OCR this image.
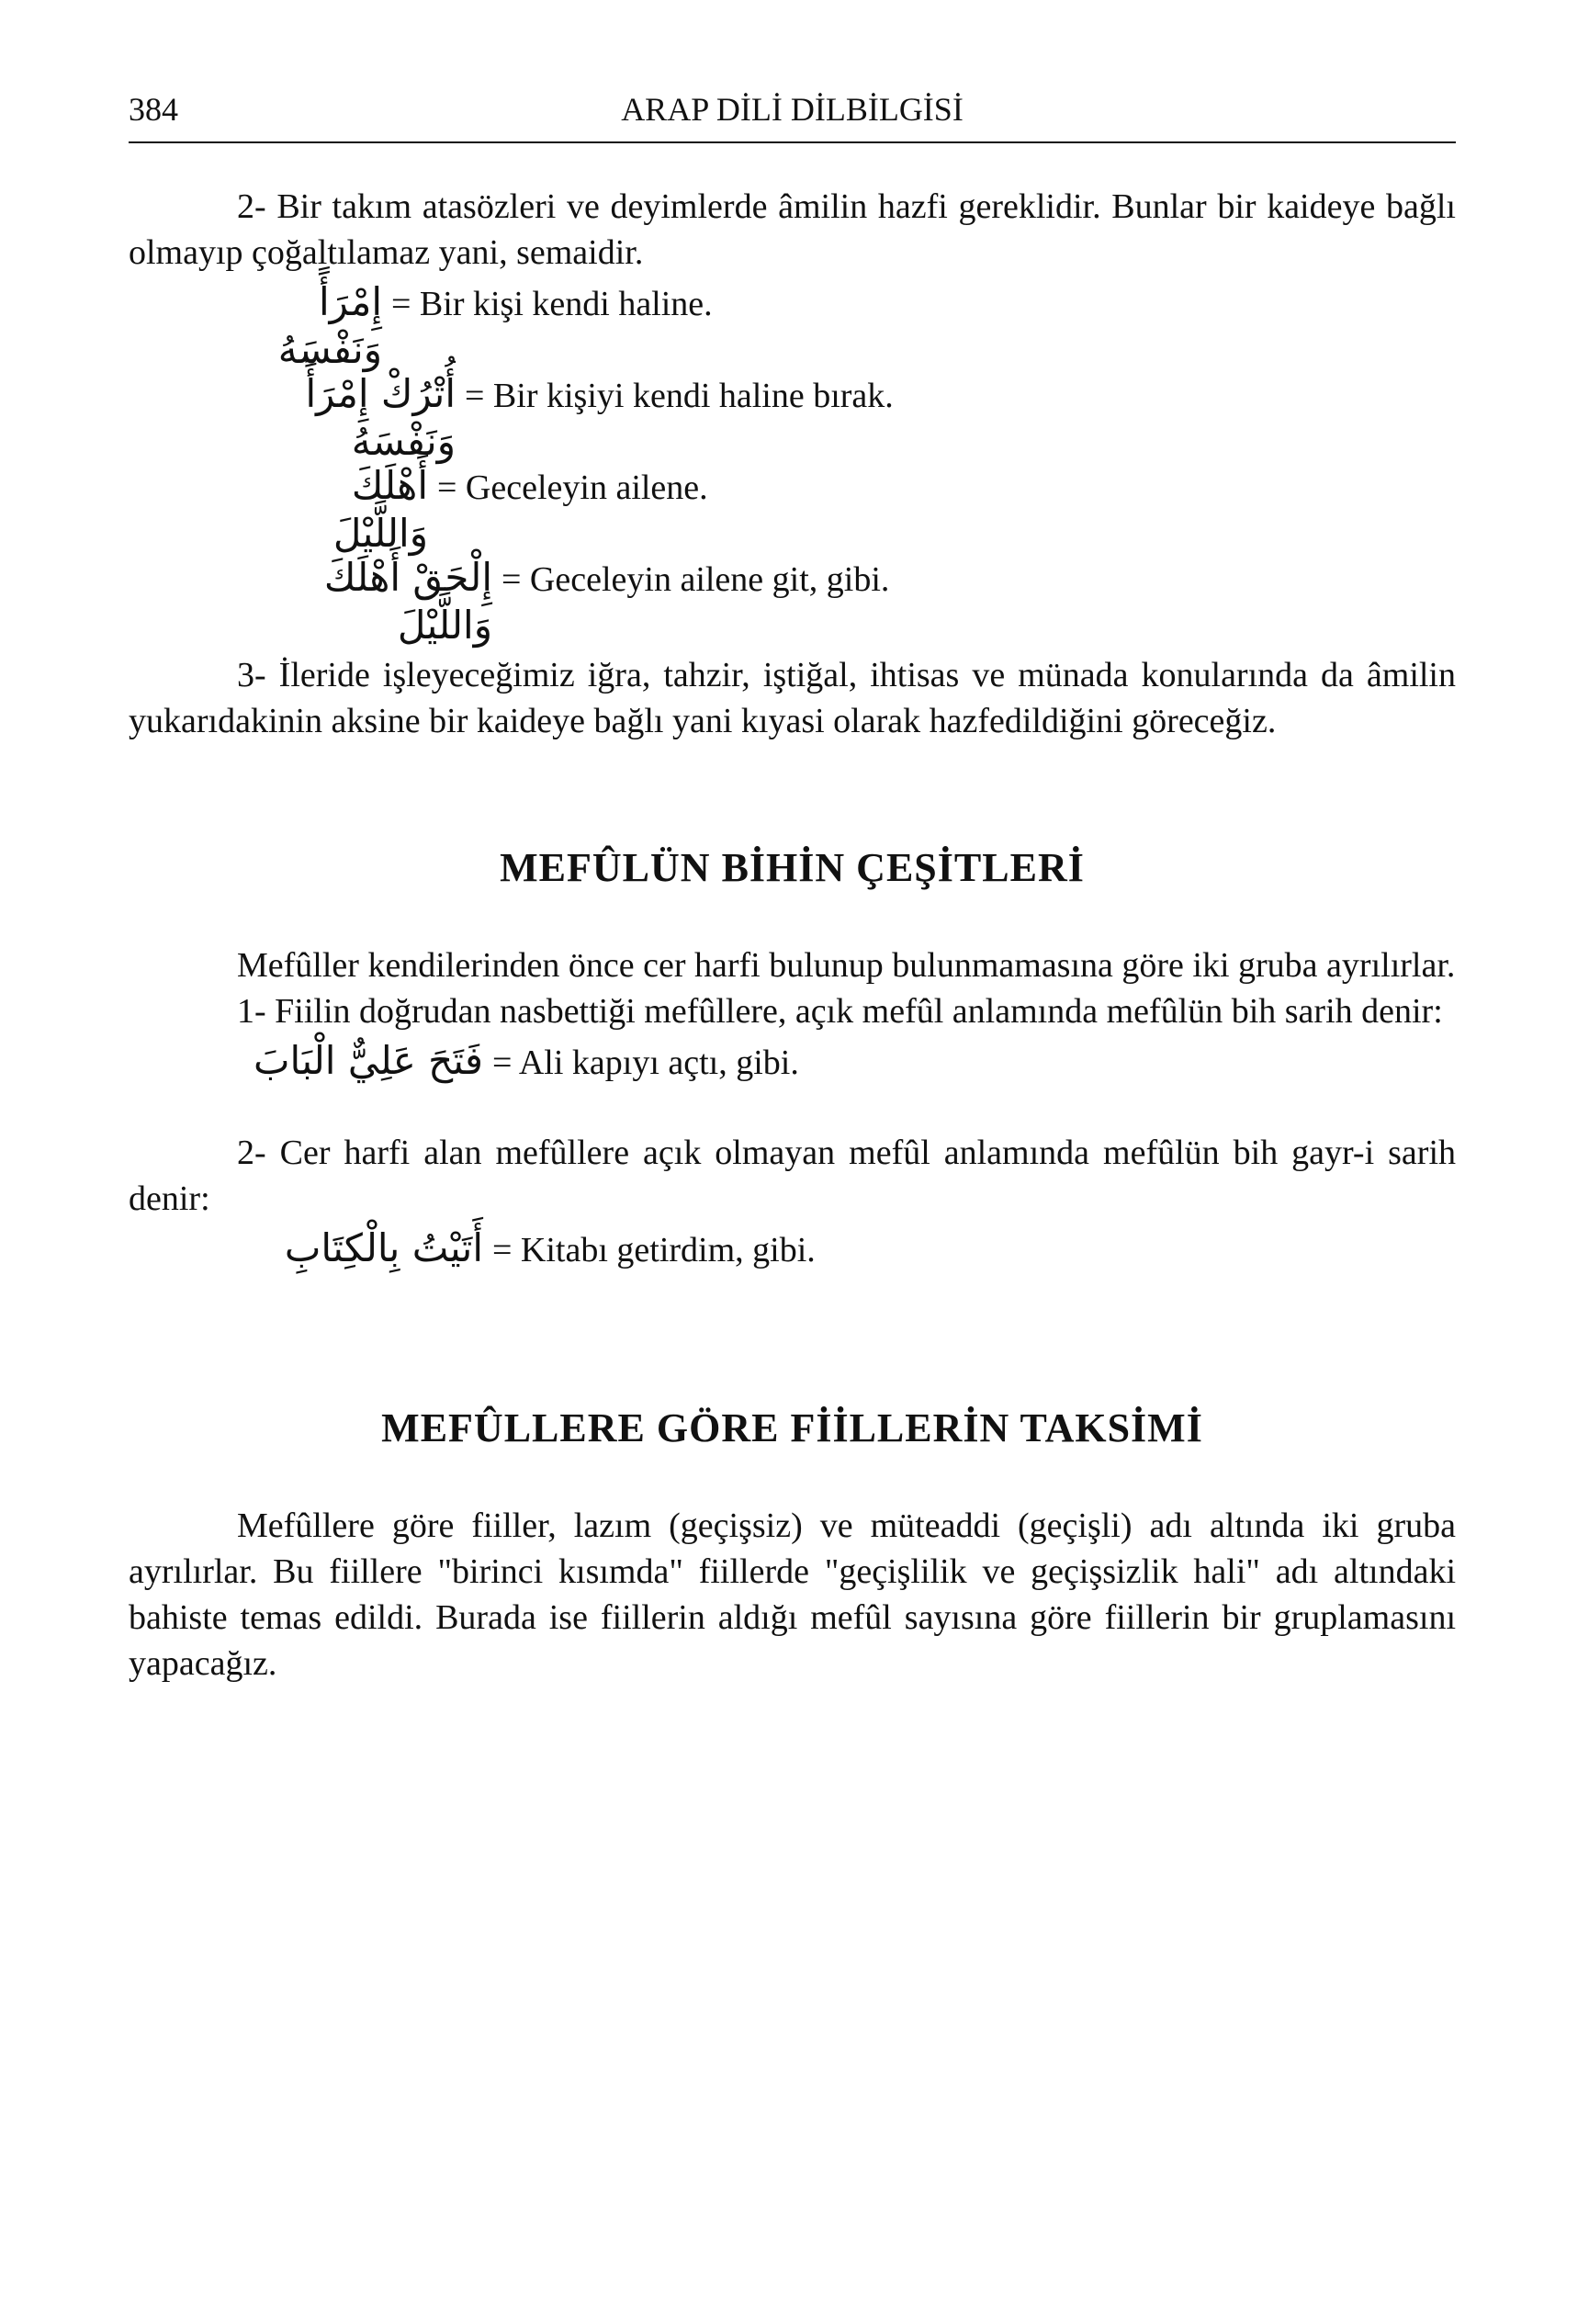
384	ARAP DİLİ DİLBİLGİSİ

2- Bir takım atasözleri ve deyimlerde âmilin hazfi gereklidir. Bunlar bir kaideye bağlı olmayıp çoğaltılamaz yani, semaidir.

إِمْرَأً وَنَفْسَهُ
= Bir kişi kendi haline.
أُتْرُكْ إِمْرَأً وَنَفْسَهُ
= Bir kişiyi kendi haline bırak.
أَهْلَكَ وَاللَّيْلَ
= Geceleyin ailene.
إِلْحَقْ أَهْلَكَ وَاللَّيْلَ
= Geceleyin ailene git, gibi.

3- İleride işleyeceğimiz iğra, tahzir, iştiğal, ihtisas ve münada konularında da âmilin yukarıdakinin aksine bir kaideye bağlı yani kıyasi olarak hazfedildiğini göreceğiz.

MEFÛLÜN BİHİN ÇEŞİTLERİ

Mefûller kendilerinden önce cer harfi bulunup bulunmamasına göre iki gruba ayrılırlar.

1- Fiilin doğrudan nasbettiği mefûllere, açık mefûl anlamında mefûlün bih sarih denir:

فَتَحَ عَلِيٌّ الْبَابَ = Ali kapıyı açtı, gibi.

2- Cer harfi alan mefûllere açık olmayan mefûl anlamında mefûlün bih gayr-i sarih denir:

أَتَيْتُ بِالْكِتَابِ = Kitabı getirdim, gibi.
MEFÛLLERE GÖRE FİİLLERİN TAKSİMİ

Mefûllere göre fiiller, lazım (geçişsiz) ve müteaddi (geçişli) adı altında iki gruba ayrılırlar. Bu fiillere "birinci kısımda" fiillerde "geçişlilik ve geçişsizlik hali" adı altındaki bahiste temas edildi. Burada ise fiillerin aldığı mefûl sayısına göre fiillerin bir gruplamasını yapacağız.
